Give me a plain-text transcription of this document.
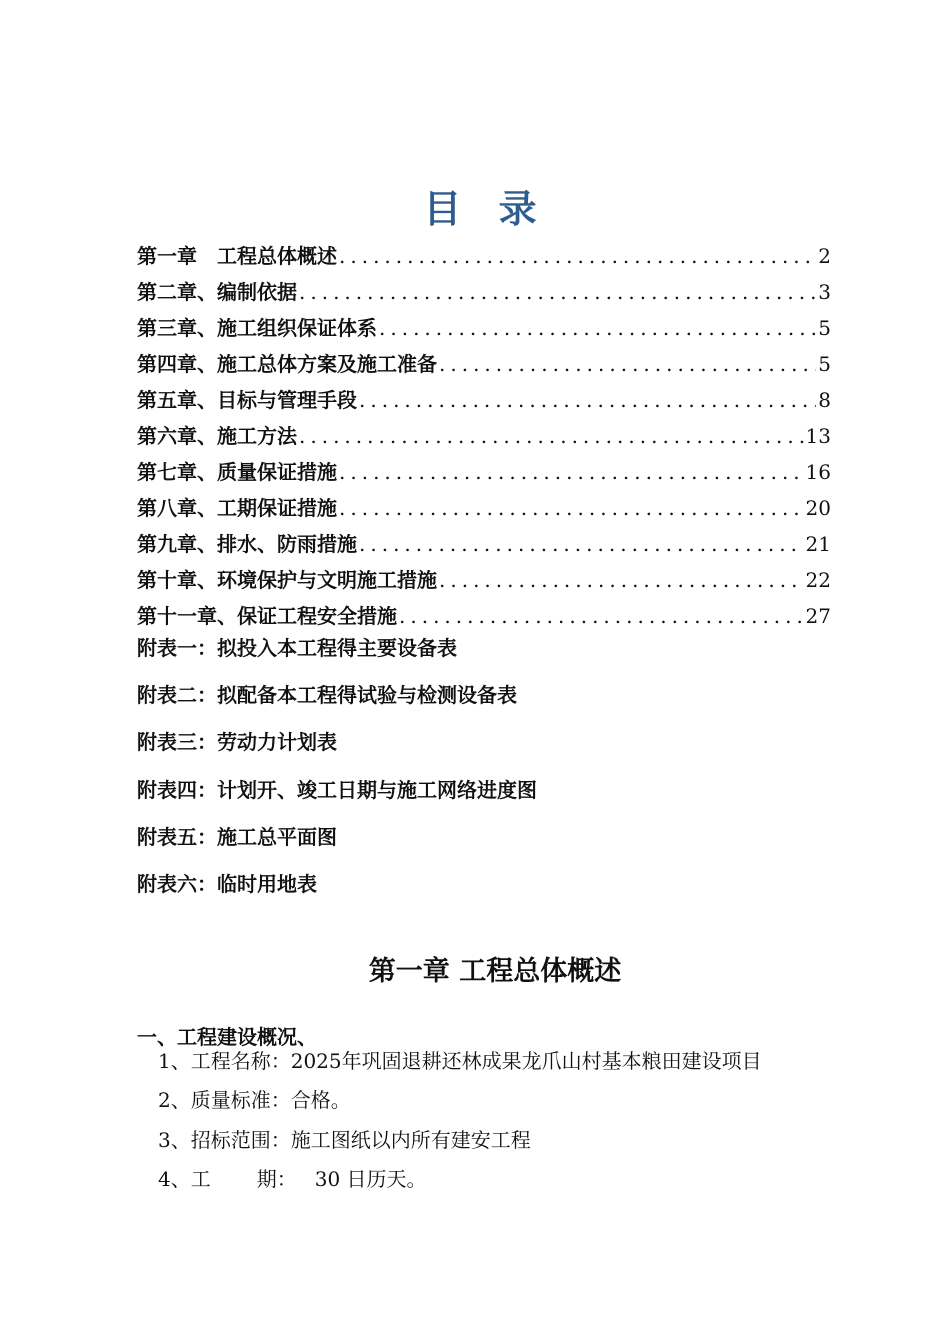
目 录
第一章　工程总体概述 .....	2
第二章、编制依据 .....	3
第三章、施工组织保证体系 .....	5
第四章、施工总体方案及施工准备 .....	5
第五章、目标与管理手段 .....	8
第六章、施工方法 .....	13
第七章、质量保证措施 .....	16
第八章、工期保证措施 .....	20
第九章、排水、防雨措施 .....	21
第十章、环境保护与文明施工措施 .....	22
第十一章、保证工程安全措施 .....	27
附表一：拟投入本工程得主要设备表
附表二：拟配备本工程得试验与检测设备表
附表三：劳动力计划表
附表四：计划开、竣工日期与施工网络进度图
附表五：施工总平面图
附表六：临时用地表
第一章 工程总体概述
一、工程建设概况、
1、工程名称：2025年巩固退耕还林成果龙爪山村基本粮田建设项目
2、质量标准：合格。
3、招标范围：施工图纸以内所有建安工程
4、工 期： 30 日历天。
